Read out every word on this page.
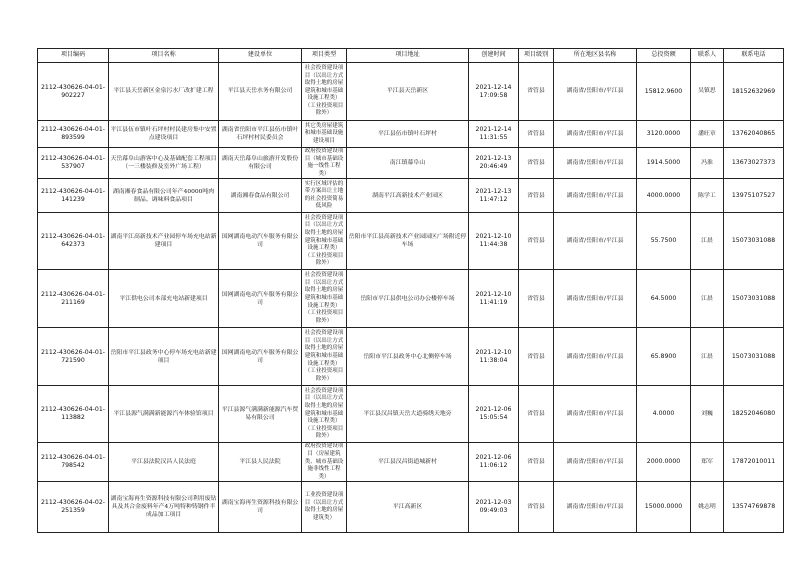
项目编码	项目名称	建设单位	项目类型	项目地址	创建时间	项目级别	所在地区县名称	总投资额	联系人	联系电话
2112-430626-04-01-902227	平江县天岳新区金泉污水厂改扩建工程	平江县天岳水务有限公司	社会投资建设项目（以出让方式取得土地的房屋建筑和城市基础设施工程类）（工业投资项目除外）	平江县天岳新区	2021-12-14 17:09:58	省管县	湖南省/岳阳市/平江县	15812.9600	吴镇思	18152632969
2112-430626-04-01-893599	平江县伍市镇叶石坪村村民建房集中安置点建设项目	湖南省岳阳市平江县伍市镇叶石坪村村民委员会	其它类房屋建筑和城市基础设施建设项目	平江县伍市镇叶石坪村	2021-12-14 11:31:55	省管县	湖南省/岳阳市/平江县	3120.0000	潘旺章	13762040865
2112-430626-04-01-537907	天岳幕阜山游客中心及基础配套工程项目（一三楼装修及室外广场工程）	湖南天岳幕阜山旅游开发股份有限公司	政府投资建设项目（城市基础设施一线性工程类）	南江镇幕阜山	2021-12-13 20:46:49	省管县	湖南省/岳阳市/平江县	1914.5000	冯淮	13673027373
2112-430626-04-01-141239	湖南湘春食品有限公司年产40000吨肉制品、调味料食品项目	湖南湘春食品有限公司	实行区域评估的带方案出让土地的社会投资简易低风险	湖南平江高新技术产业园区	2021-12-13 11:47:12	省管县	湖南省/岳阳市/平江县	4000.0000	陈学工	13975107527
2112-430626-04-01-642373	湖南平江高新技术产业园停车场充电站新建项目	国网湖南电动汽车服务有限公司	社会投资建设项目（以出让方式取得土地的房屋建筑和城市基础设施工程类）（工业投资项目除外）	岳阳市平江县高新技术产业园园区广场附近停车场	2021-12-10 11:44:38	省管县	湖南省/岳阳市/平江县	55.7500	江晨	15073031088
2112-430626-04-01-211169	平江供电公司本部充电站新建项目	国网湖南电动汽车服务有限公司	社会投资建设项目（以出让方式取得土地的房屋建筑和城市基础设施工程类）（工业投资项目除外）	岳阳市平江县供电公司办公楼停车场	2021-12-10 11:41:19	省管县	湖南省/岳阳市/平江县	64.5000	江晨	15073031088
2112-430626-04-01-721590	岳阳市平江县政务中心停车场充电站新建项目	国网湖南电动汽车服务有限公司	社会投资建设项目（以出让方式取得土地的房屋建筑和城市基础设施工程类）（工业投资项目除外）	岳阳市平江县政务中心北侧停车场	2021-12-10 11:38:04	省管县	湖南省/岳阳市/平江县	65.8900	江晨	15073031088
2112-430626-04-01-113882	平江县源气满满新能源汽车体验馆项目	平江县源气满满新能源汽车贸易有限公司	社会投资建设项目（以出让方式取得土地的房屋建筑和城市基础设施工程类）（工业投资项目除外）	平江县汉昌镇天岳大道骑绣天地旁	2021-12-06 15:05:54	省管县	湖南省/岳阳市/平江县	4.0000	刘巍	18252046080
2112-430626-04-01-798542	平江县法院汉昌人民法庭	平江县人民法院	政府投资建设项目（房屋建筑类、城市基础设施非线性工程类）	平江县汉昌街道城新村	2021-12-06 11:06:12	省管县	湖南省/岳阳市/平江县	2000.0000	郑军	17872010011
2112-430626-04-02-251359	湖南宝海再生资源科技有限公司利用废钻具及其合金废料年产4万吨特种铸钢件半成品加工项目	湖南宝海再生资源科技有限公司	工业投资建设项目（以出让方式取得土地的房屋建筑类）	平江高新区	2021-12-03 09:49:03	省管县	湖南省/岳阳市/平江县	15000.0000	姚志明	13574769878
